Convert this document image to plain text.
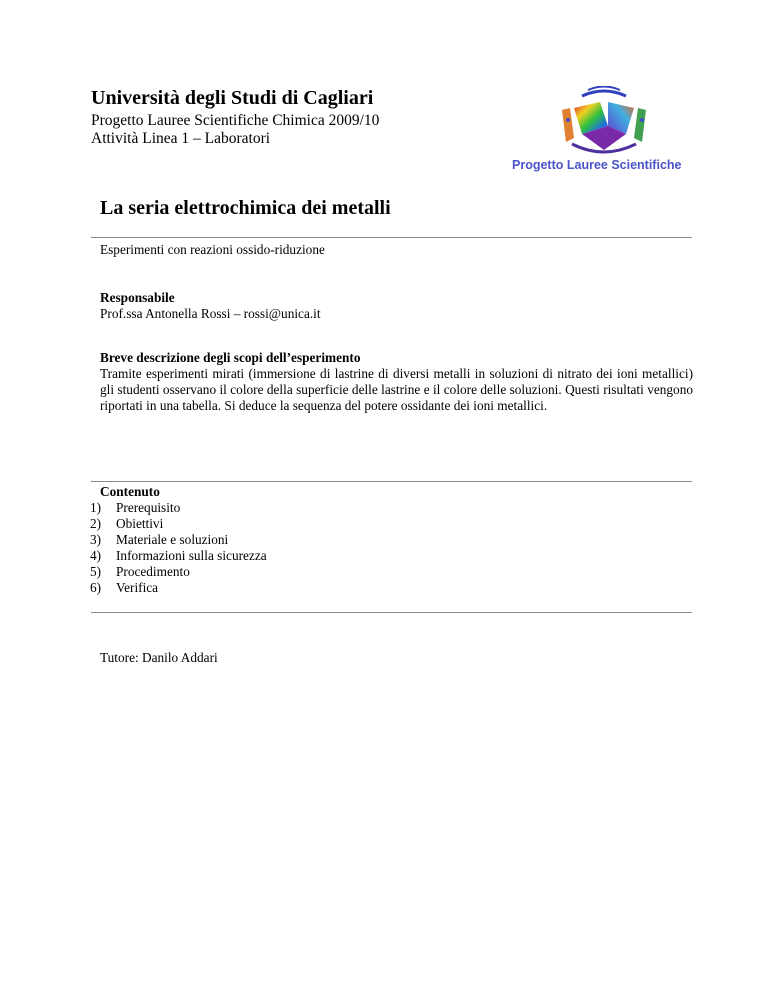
Università degli Studi di Cagliari
Progetto Lauree Scientifiche Chimica 2009/10
Attività Linea 1 – Laboratori
Progetto Lauree Scientifiche
La seria elettrochimica dei metalli
Esperimenti con reazioni ossido-riduzione
Responsabile
Prof.ssa Antonella Rossi – rossi@unica.it
Breve descrizione degli scopi dell’esperimento
Tramite esperimenti mirati (immersione di lastrine di diversi metalli in soluzioni di nitrato dei ioni metallici) gli studenti osservano il colore della superficie delle lastrine e il colore delle soluzioni. Questi risultati vengono riportati in una tabella. Si deduce la sequenza del potere ossidante dei ioni metallici.
Contenuto
1)	Prerequisito
2)	Obiettivi
3)	Materiale e soluzioni
4)	Informazioni sulla sicurezza
5)	Procedimento
6)	Verifica
Tutore: Danilo Addari
